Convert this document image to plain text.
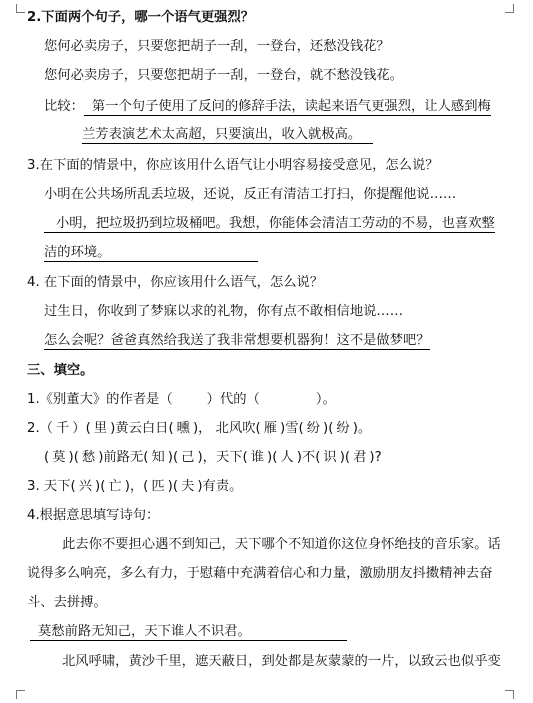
2.下面两个句子，哪一个语气更强烈？
您何必卖房子，只要您把胡子一刮，一登台，还愁没钱花？
您何必卖房子，只要您把胡子一刮，一登台，就不愁没钱花。
比较： 第一个句子使用了反问的修辞手法，读起来语气更强烈，让人感到梅
兰芳表演艺术太高超，只要演出，收入就极高。
3.在下面的情景中，你应该用什么语气让小明容易接受意见，怎么说？
小明在公共场所乱丢垃圾，还说，反正有清洁工打扫，你提醒他说……
小明，把垃圾扔到垃圾桶吧。我想，你能体会清洁工劳动的不易，也喜欢整
洁的环境。
4. 在下面的情景中，你应该用什么语气，怎么说？
过生日，你收到了梦寐以求的礼物，你有点不敢相信地说……
怎么会呢？爸爸真然给我送了我非常想要机器狗！这不是做梦吧？
三、填空。
1.《别董大》的作者是（	）代的（	）。
2.（ 千 ）( 里 )黄云白日( 曛 )， 北风吹( 雁 )雪( 纷 )( 纷 )。
( 莫 )( 愁 )前路无( 知 )( 己 )，天下( 谁 )( 人 )不( 识 )( 君 )?
3. 天下( 兴 )( 亡 )，( 匹 )( 夫 )有责。
4.根据意思填写诗句：
此去你不要担心遇不到知己，天下哪个不知道你这位身怀绝技的音乐家。话
说得多么响亮，多么有力，于慰藉中充满着信心和力量，激励朋友抖擞精神去奋
斗、去拼搏。
莫愁前路无知己，天下谁人不识君。
北风呼啸，黄沙千里，遮天蔽日，到处都是灰蒙蒙的一片，以致云也似乎变
